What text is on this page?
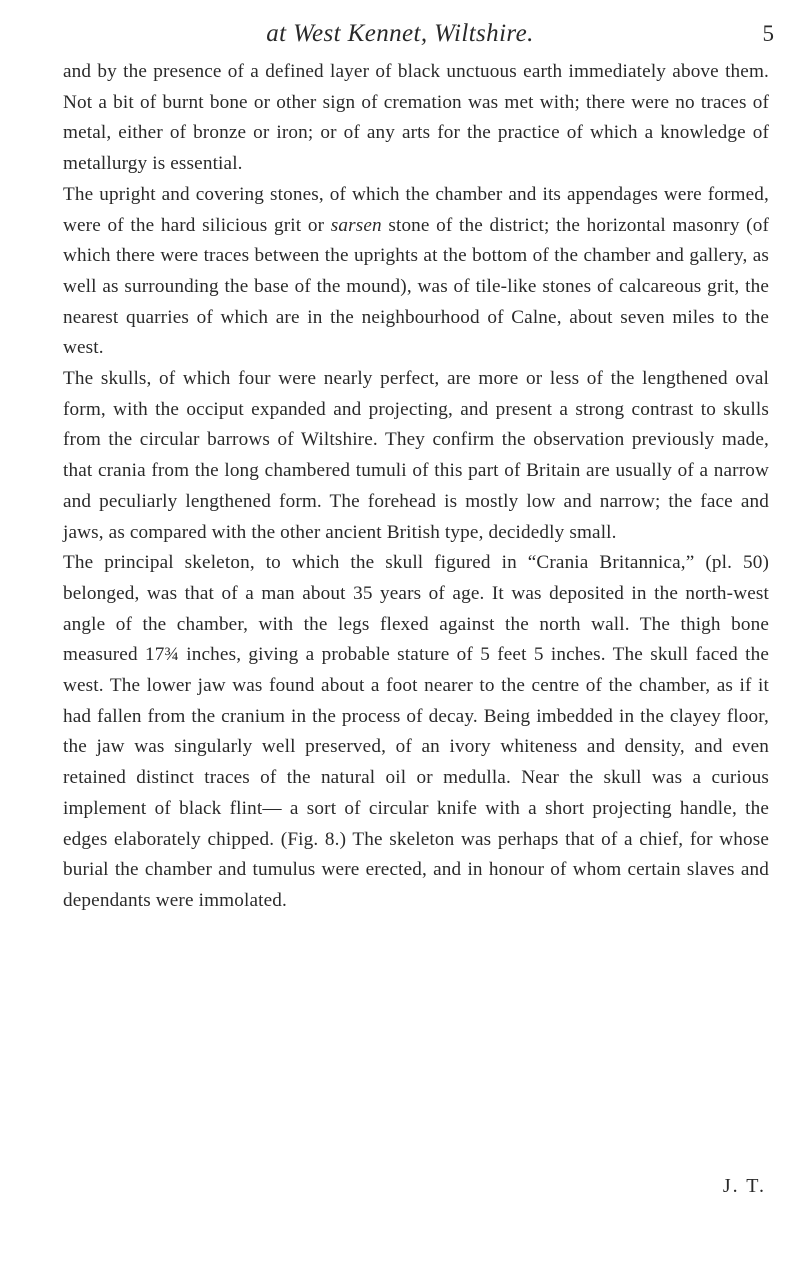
at West Kennet, Wiltshire.	5

and by the presence of a defined layer of black unctuous earth immediately above them. Not a bit of burnt bone or other sign of cremation was met with; there were no traces of metal, either of bronze or iron; or of any arts for the practice of which a knowledge of metallurgy is essential.

The upright and covering stones, of which the chamber and its appendages were formed, were of the hard silicious grit or sarsen stone of the district; the horizontal masonry (of which there were traces between the uprights at the bottom of the chamber and gallery, as well as surrounding the base of the mound), was of tile-like stones of calcareous grit, the nearest quarries of which are in the neighbourhood of Calne, about seven miles to the west.

The skulls, of which four were nearly perfect, are more or less of the lengthened oval form, with the occiput expanded and projecting, and present a strong contrast to skulls from the circular barrows of Wiltshire. They confirm the observation previously made, that crania from the long chambered tumuli of this part of Britain are usually of a narrow and peculiarly lengthened form. The forehead is mostly low and narrow; the face and jaws, as compared with the other ancient British type, decidedly small.

The principal skeleton, to which the skull figured in “Crania Britannica,” (pl. 50) belonged, was that of a man about 35 years of age. It was deposited in the north-west angle of the chamber, with the legs flexed against the north wall. The thigh bone measured 17¾ inches, giving a probable stature of 5 feet 5 inches. The skull faced the west. The lower jaw was found about a foot nearer to the centre of the chamber, as if it had fallen from the cranium in the process of decay. Being imbedded in the clayey floor, the jaw was singularly well preserved, of an ivory whiteness and density, and even retained distinct traces of the natural oil or medulla. Near the skull was a curious implement of black flint— a sort of circular knife with a short projecting handle, the edges elaborately chipped. (Fig. 8.) The skeleton was perhaps that of a chief, for whose burial the chamber and tumulus were erected, and in honour of whom certain slaves and dependants were immolated.

J. T.
